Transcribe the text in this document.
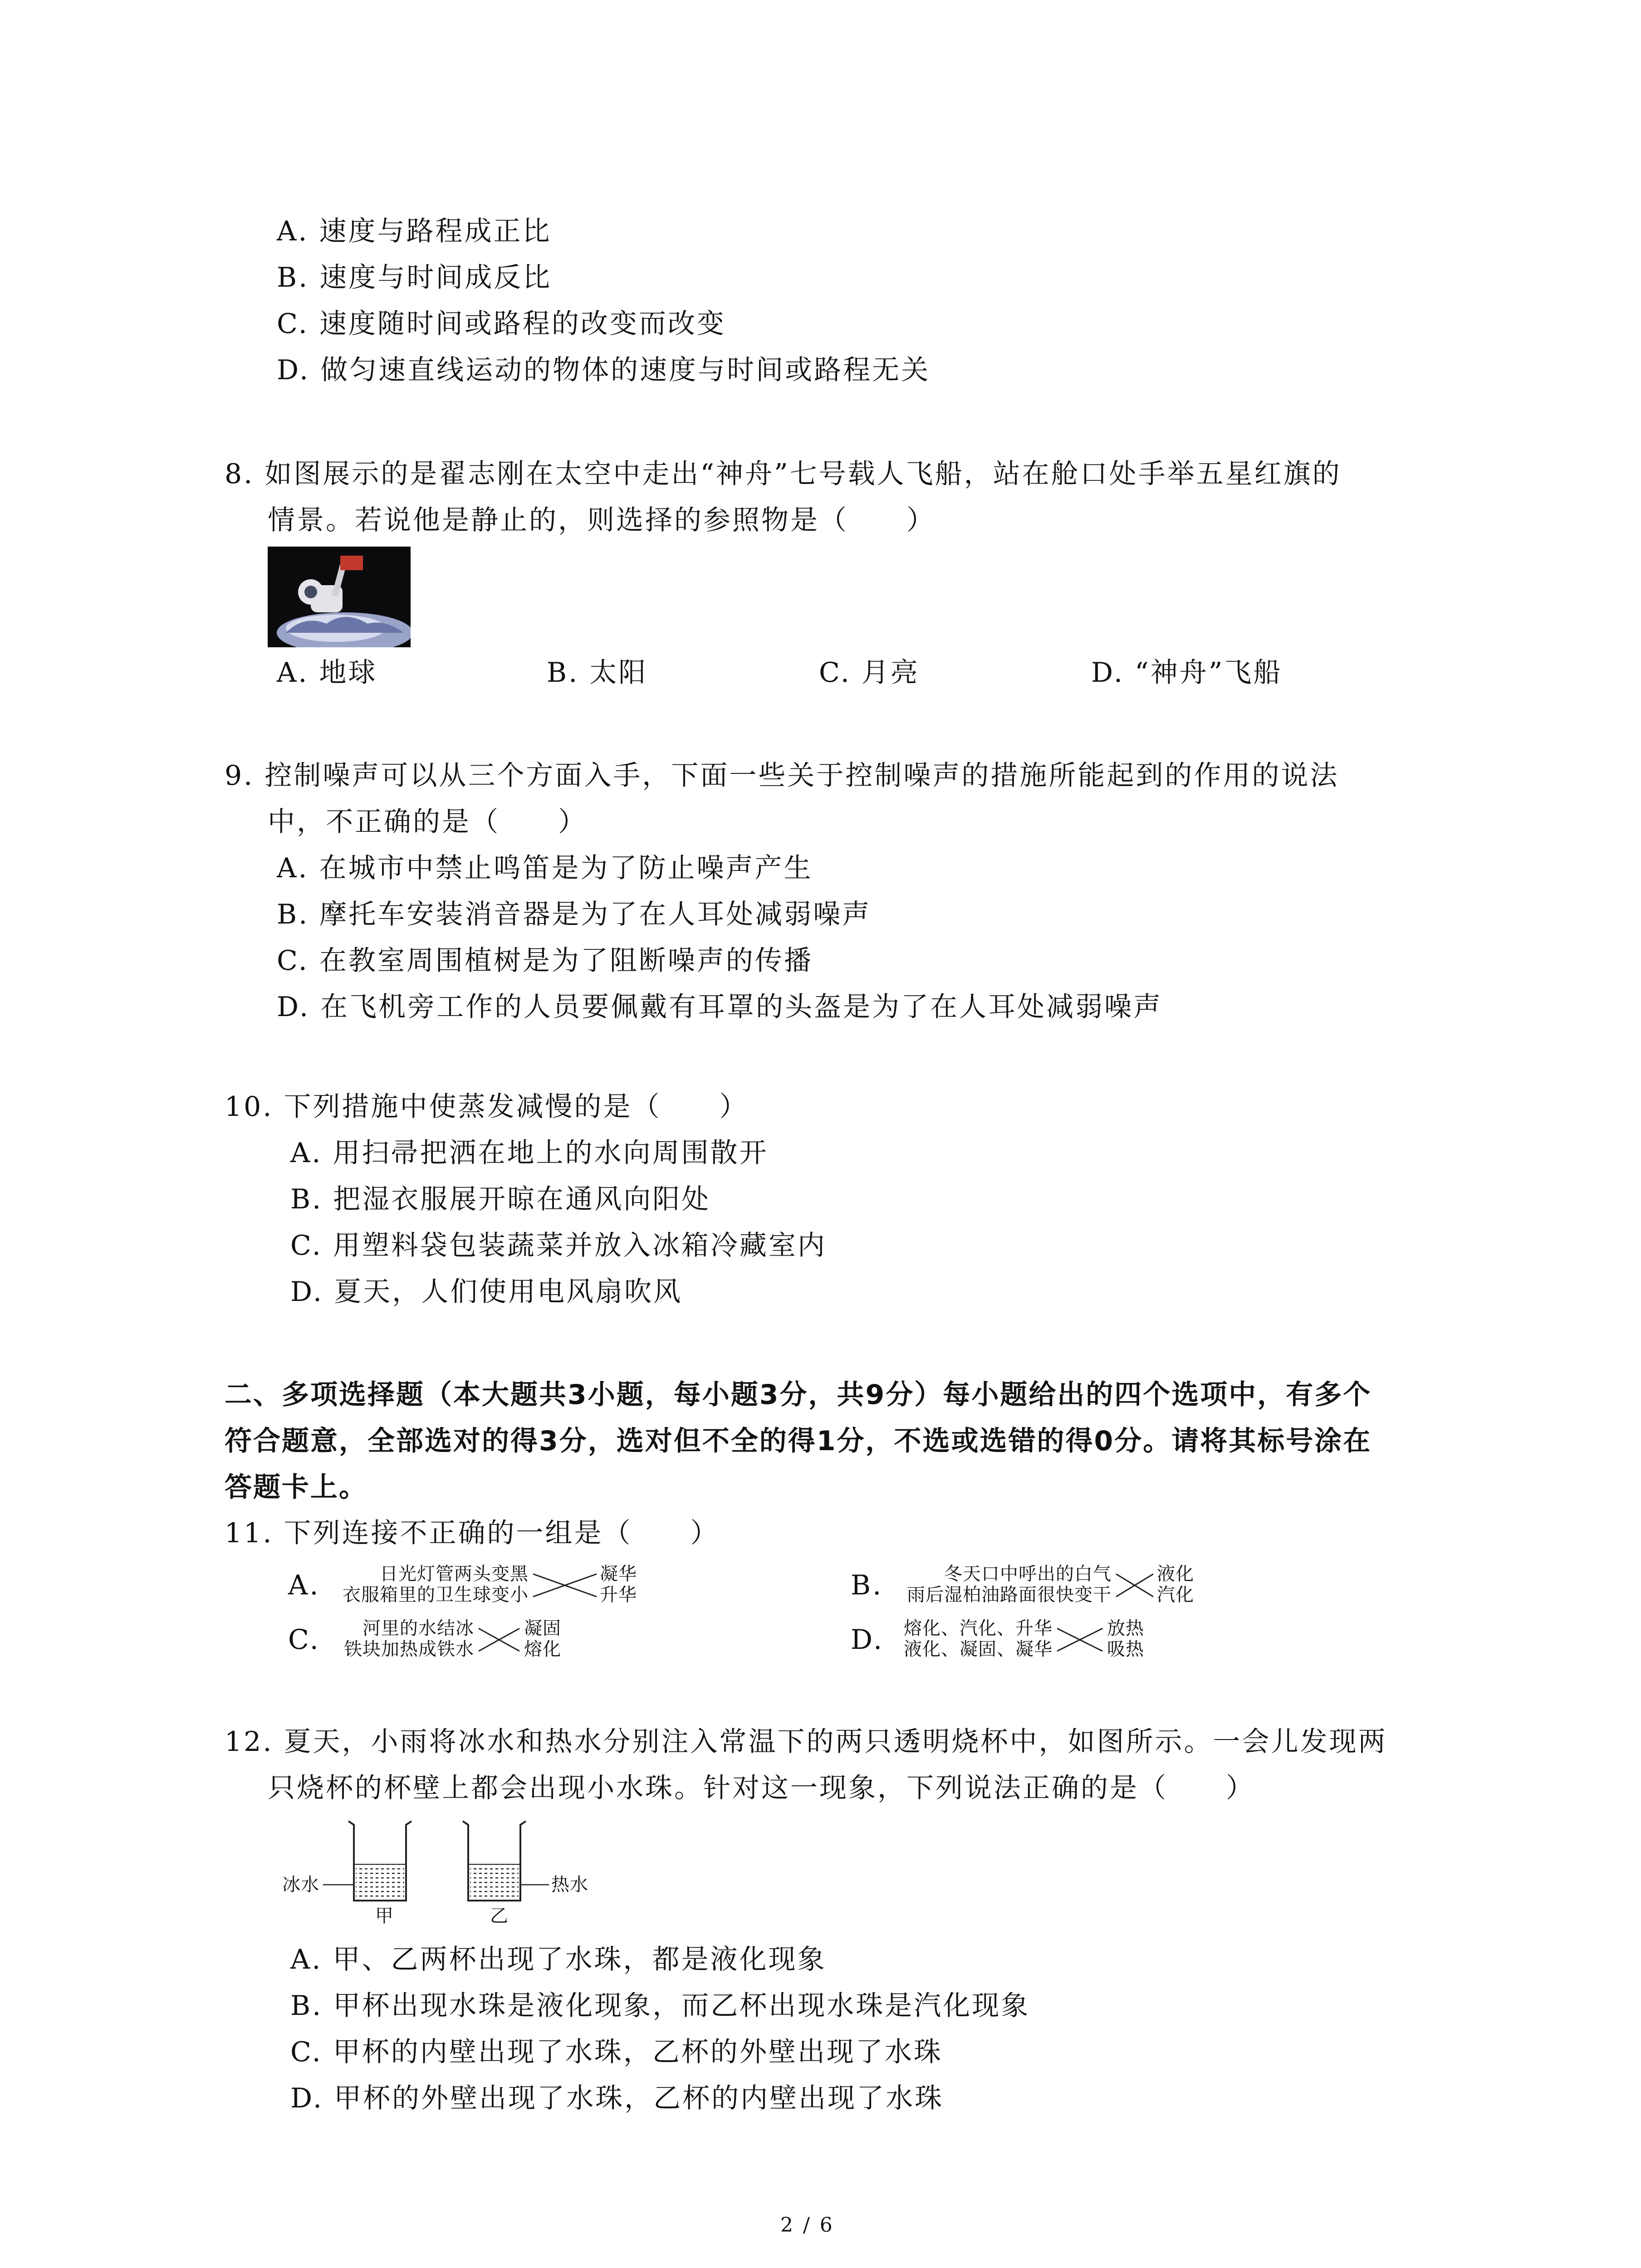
A. 速度与路程成正比
B. 速度与时间成反比
C. 速度随时间或路程的改变而改变
D. 做匀速直线运动的物体的速度与时间或路程无关
8. 如图展示的是翟志刚在太空中走出“神舟”七号载人飞船，站在舱口处手举五星红旗的
情景。若说他是静止的，则选择的参照物是（　　）
A. 地球	B. 太阳	C. 月亮	D. “神舟”飞船
9. 控制噪声可以从三个方面入手，下面一些关于控制噪声的措施所能起到的作用的说法
中，不正确的是（　　）
A. 在城市中禁止鸣笛是为了防止噪声产生
B. 摩托车安装消音器是为了在人耳处减弱噪声
C. 在教室周围植树是为了阻断噪声的传播
D. 在飞机旁工作的人员要佩戴有耳罩的头盔是为了在人耳处减弱噪声
10. 下列措施中使蒸发减慢的是（　　）
A. 用扫帚把洒在地上的水向周围散开
B. 把湿衣服展开晾在通风向阳处
C. 用塑料袋包装蔬菜并放入冰箱冷藏室内
D. 夏天，人们使用电风扇吹风
二、多项选择题（本大题共3小题，每小题3分，共9分）每小题给出的四个选项中，有多个
符合题意，全部选对的得3分，选对但不全的得1分，不选或选错的得0分。请将其标号涂在
答题卡上。
11. 下列连接不正确的一组是（　　）
A.	日光灯管两头变黑
衣服箱里的卫生球变小
凝华
升华	B.	冬天口中呼出的白气
雨后湿柏油路面很快变干
液化
汽化
C.	河里的水结冰
铁块加热成铁水
凝固
熔化	D.	熔化、汽化、升华
液化、凝固、凝华
放热
吸热
12. 夏天，小雨将冰水和热水分别注入常温下的两只透明烧杯中，如图所示。一会儿发现两
只烧杯的杯壁上都会出现小水珠。针对这一现象，下列说法正确的是（　　）
冰水	热水
甲	乙
A. 甲、乙两杯出现了水珠，都是液化现象
B. 甲杯出现水珠是液化现象，而乙杯出现水珠是汽化现象
C. 甲杯的内壁出现了水珠，乙杯的外壁出现了水珠
D. 甲杯的外壁出现了水珠，乙杯的内壁出现了水珠
2 / 6
